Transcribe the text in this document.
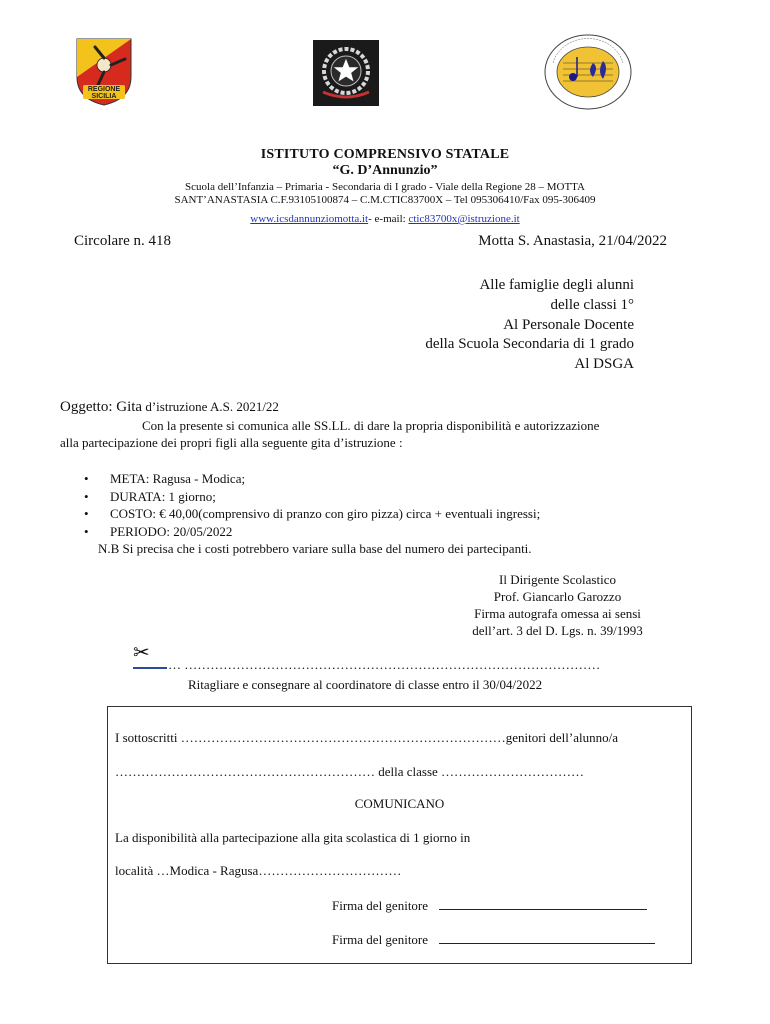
REGIONE
SICILIA
ISTITUTO COMPRENSIVO STATALE
“G. D’Annunzio”
Scuola dell’Infanzia – Primaria - Secondaria di I grado - Viale della Regione 28 – MOTTA
SANT’ANASTASIA C.F.93105100874 – C.M.CTIC83700X – Tel 095306410/Fax 095-306409
www.icsdannunziomotta.it- e-mail: ctic83700x@istruzione.it
Circolare n. 418	Motta S. Anastasia, 21/04/2022
Alle famiglie degli alunni
delle classi 1°
Al Personale Docente
della Scuola Secondaria di 1 grado
Al DSGA
Oggetto: Gita d’istruzione A.S. 2021/22
Con la presente si comunica alle SS.LL. di dare la propria disponibilità e autorizzazione
alla partecipazione dei propri figli alla seguente gita d’istruzione :
• META: Ragusa - Modica;
• DURATA: 1 giorno;
• COSTO: € 40,00(comprensivo di pranzo con giro pizza) circa + eventuali ingressi;
• PERIODO: 20/05/2022
N.B Si precisa che i costi potrebbero variare sulla base del numero dei partecipanti.
Il Dirigente Scolastico
Prof. Giancarlo Garozzo
Firma autografa omessa ai sensi
dell’art. 3 del D. Lgs. n. 39/1993
✂
… ……………………………………………………………………………………
Ritagliare e consegnare al coordinatore di classe entro il 30/04/2022
I sottoscritti …………………………………………………………………genitori dell’alunno/a
…………………………………………………… della classe ……………………………
COMUNICANO
La disponibilità alla partecipazione alla gita scolastica di 1 giorno in
località …Modica - Ragusa……………………………
Firma del genitore
Firma del genitore
